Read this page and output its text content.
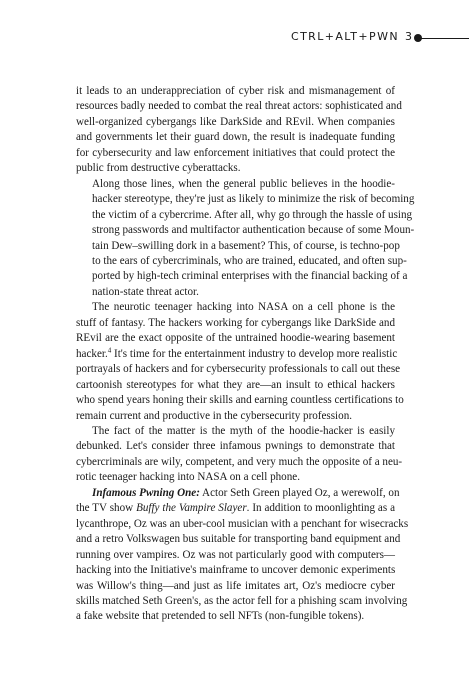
CTRL+ALT+PWN 3

it leads to an underappreciation of cyber risk and mismanagement of
resources badly needed to combat the real threat actors: sophisticated and
well-organized cybergangs like DarkSide and REvil. When companies
and governments let their guard down, the result is inadequate funding
for cybersecurity and law enforcement initiatives that could protect the
public from destructive cyberattacks.

Along those lines, when the general public believes in the hoodie-
hacker stereotype, they're just as likely to minimize the risk of becoming
the victim of a cybercrime. After all, why go through the hassle of using
strong passwords and multifactor authentication because of some Moun-
tain Dew–swilling dork in a basement? This, of course, is techno-pop
to the ears of cybercriminals, who are trained, educated, and often sup-
ported by high-tech criminal enterprises with the financial backing of a
nation-state threat actor.

The neurotic teenager hacking into NASA on a cell phone is the
stuff of fantasy. The hackers working for cybergangs like DarkSide and
REvil are the exact opposite of the untrained hoodie-wearing basement
hacker.$^4$ It's time for the entertainment industry to develop more realistic
portrayals of hackers and for cybersecurity professionals to call out these
cartoonish stereotypes for what they are—an insult to ethical hackers
who spend years honing their skills and earning countless certifications to
remain current and productive in the cybersecurity profession.

The fact of the matter is the myth of the hoodie-hacker is easily
debunked. Let's consider three infamous pwnings to demonstrate that
cybercriminals are wily, competent, and very much the opposite of a neu-
rotic teenager hacking into NASA on a cell phone.

Infamous Pwning One: Actor Seth Green played Oz, a werewolf, on
the TV show Buffy the Vampire Slayer. In addition to moonlighting as a
lycanthrope, Oz was an uber-cool musician with a penchant for wisecracks
and a retro Volkswagen bus suitable for transporting band equipment and
running over vampires. Oz was not particularly good with computers—
hacking into the Initiative's mainframe to uncover demonic experiments
was Willow's thing—and just as life imitates art, Oz's mediocre cyber
skills matched Seth Green's, as the actor fell for a phishing scam involving
a fake website that pretended to sell NFTs (non-fungible tokens).
